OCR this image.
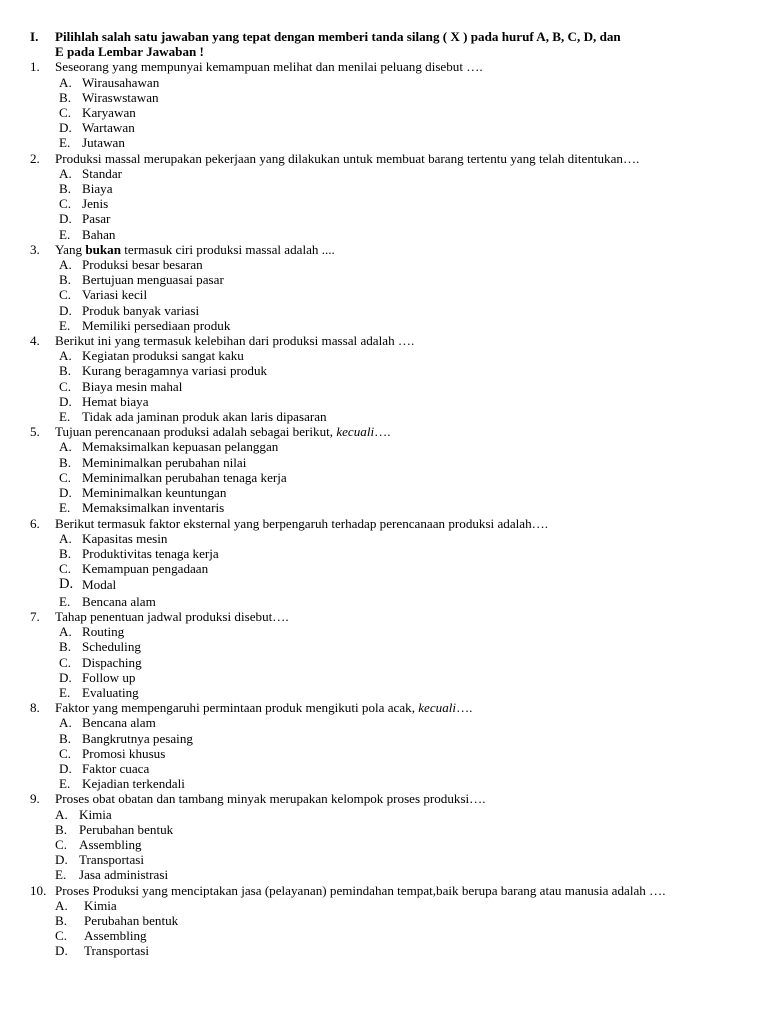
I. Pilihlah salah satu jawaban yang tepat dengan memberi tanda silang ( X ) pada huruf A, B, C, D, dan
E pada Lembar Jawaban !
1. Seseorang yang mempunyai kemampuan melihat dan menilai peluang disebut ….
A. Wirausahawan
B. Wiraswstawan
C. Karyawan
D. Wartawan
E. Jutawan
2. Produksi massal merupakan pekerjaan yang dilakukan untuk membuat barang tertentu yang telah ditentukan….
A. Standar
B. Biaya
C. Jenis
D. Pasar
E. Bahan
3. Yang bukan termasuk ciri produksi massal adalah ....
A. Produksi besar besaran
B. Bertujuan menguasai pasar
C. Variasi kecil
D. Produk banyak variasi
E. Memiliki persediaan produk
4. Berikut ini yang termasuk kelebihan dari produksi massal adalah ….
A. Kegiatan produksi sangat kaku
B. Kurang beragamnya variasi produk
C. Biaya mesin mahal
D. Hemat biaya
E. Tidak ada jaminan produk akan laris dipasaran
5. Tujuan perencanaan produksi adalah sebagai berikut, kecuali….
A. Memaksimalkan kepuasan pelanggan
B. Meminimalkan perubahan nilai
C. Meminimalkan perubahan tenaga kerja
D. Meminimalkan keuntungan
E. Memaksimalkan inventaris
6. Berikut termasuk faktor eksternal yang berpengaruh terhadap perencanaan produksi adalah….
A. Kapasitas mesin
B. Produktivitas tenaga kerja
C. Kemampuan pengadaan
D. Modal
E. Bencana alam
7. Tahap penentuan jadwal produksi disebut….
A. Routing
B. Scheduling
C. Dispaching
D. Follow up
E. Evaluating
8. Faktor yang mempengaruhi permintaan produk mengikuti pola acak, kecuali….
A. Bencana alam
B. Bangkrutnya pesaing
C. Promosi khusus
D. Faktor cuaca
E. Kejadian terkendali
9. Proses obat obatan dan tambang minyak merupakan kelompok proses produksi….
A. Kimia
B. Perubahan bentuk
C. Assembling
D. Transportasi
E. Jasa administrasi
10. Proses Produksi yang menciptakan jasa (pelayanan) pemindahan tempat,baik berupa barang atau manusia adalah ….
A. Kimia
B. Perubahan bentuk
C. Assembling
D. Transportasi
